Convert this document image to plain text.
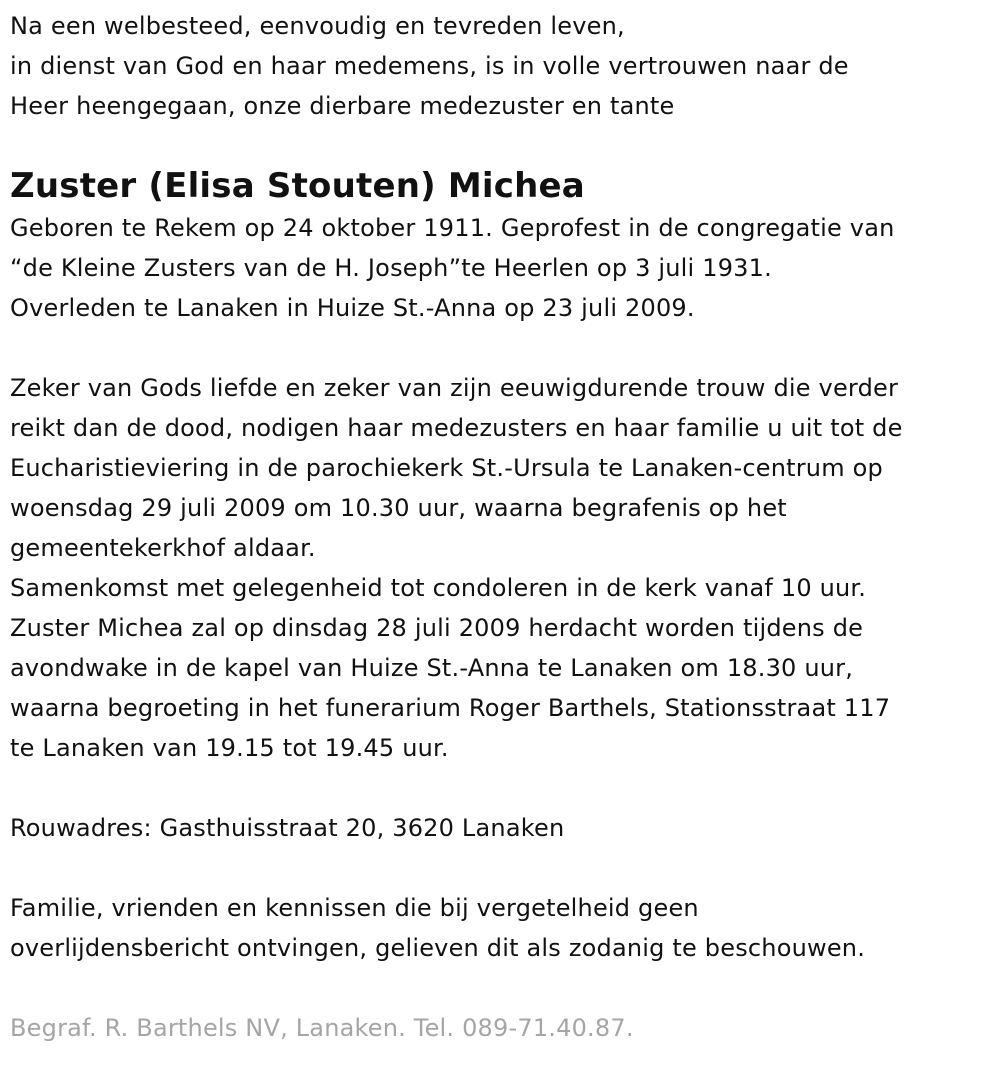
Na een welbesteed, eenvoudig en tevreden leven,
in dienst van God en haar medemens, is in volle vertrouwen naar de
Heer heengegaan, onze dierbare medezuster en tante
Zuster (Elisa Stouten) Michea
Geboren te Rekem op 24 oktober 1911. Geprofest in de congregatie van
“de Kleine Zusters van de H. Joseph”te Heerlen op 3 juli 1931.
Overleden te Lanaken in Huize St.-Anna op 23 juli 2009.
Zeker van Gods liefde en zeker van zijn eeuwigdurende trouw die verder
reikt dan de dood, nodigen haar medezusters en haar familie u uit tot de
Eucharistieviering in de parochiekerk St.-Ursula te Lanaken-centrum op
woensdag 29 juli 2009 om 10.30 uur, waarna begrafenis op het
gemeentekerkhof aldaar.
Samenkomst met gelegenheid tot condoleren in de kerk vanaf 10 uur.
Zuster Michea zal op dinsdag 28 juli 2009 herdacht worden tijdens de
avondwake in de kapel van Huize St.-Anna te Lanaken om 18.30 uur,
waarna begroeting in het funerarium Roger Barthels, Stationsstraat 117
te Lanaken van 19.15 tot 19.45 uur.
Rouwadres: Gasthuisstraat 20, 3620 Lanaken
Familie, vrienden en kennissen die bij vergetelheid geen
overlijdensbericht ontvingen, gelieven dit als zodanig te beschouwen.
Begraf. R. Barthels NV, Lanaken. Tel. 089-71.40.87.
